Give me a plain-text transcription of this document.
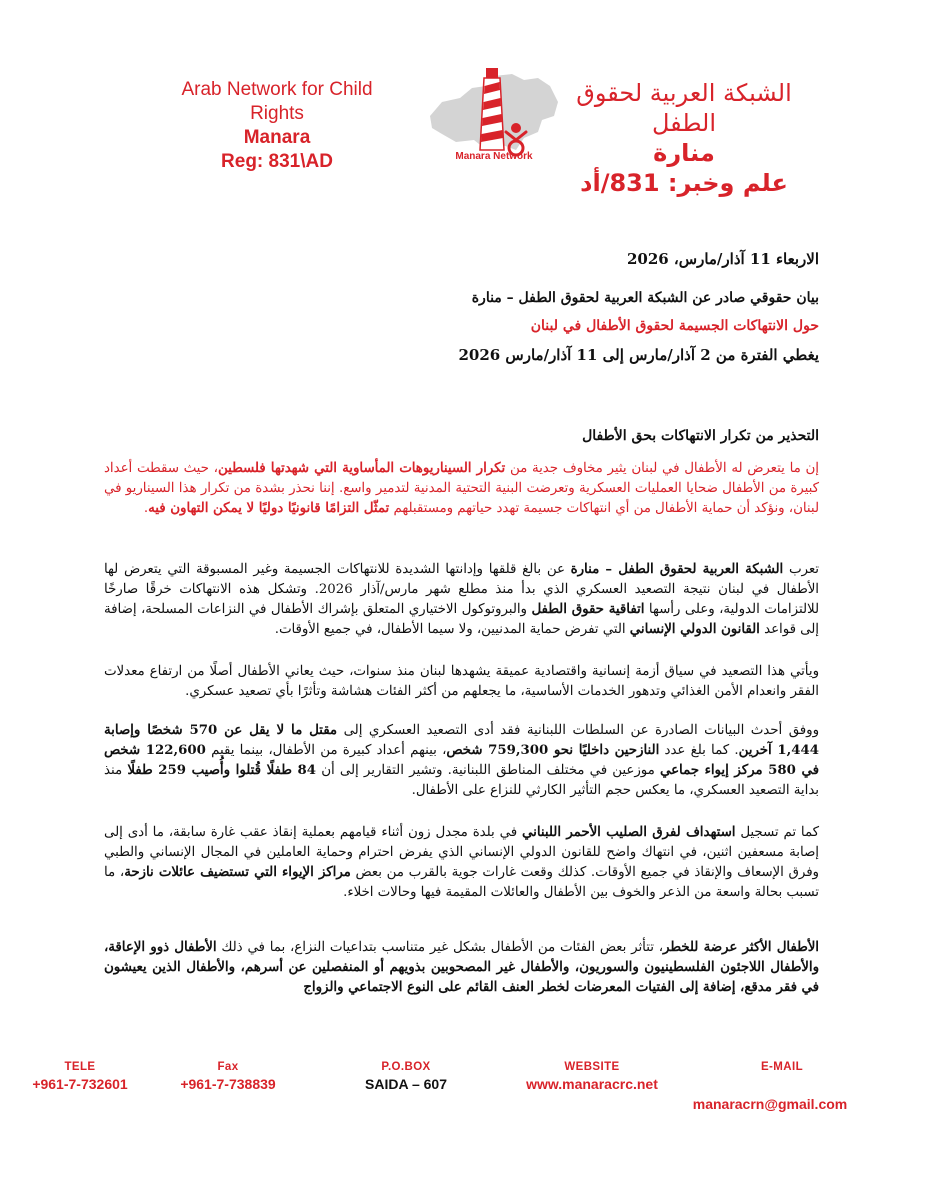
Arab Network for Child
Rights
Manara
Reg: 831\AD	Manara Network
الشبكة العربية لحقوق
الطفل
منارة
علم وخبر: 831/أد
الاربعاء 11 آذار/مارس، 2026
بيان حقوقي صادر عن الشبكة العربية لحقوق الطفل – منارة
حول الانتهاكات الجسيمة لحقوق الأطفال في لبنان
يغطي الفترة من 2 آذار/مارس إلى 11 آذار/مارس 2026
التحذير من تكرار الانتهاكات بحق الأطفال

إن ما يتعرض له الأطفال في لبنان يثير مخاوف جدية من تكرار السيناريوهات المأساوية التي شهدتها فلسطين، حيث سقطت أعداد كبيرة من الأطفال ضحايا العمليات العسكرية وتعرضت البنية التحتية المدنية لتدمير واسع. إننا نحذر بشدة من تكرار هذا السيناريو في لبنان، ونؤكد أن حماية الأطفال من أي انتهاكات جسيمة تهدد حياتهم ومستقبلهم تمثّل التزامًا قانونيًا دوليًا لا يمكن التهاون فيه.

تعرب الشبكة العربية لحقوق الطفل – منارة عن بالغ قلقها وإدانتها الشديدة للانتهاكات الجسيمة وغير المسبوقة التي يتعرض لها الأطفال في لبنان نتيجة التصعيد العسكري الذي بدأ منذ مطلع شهر مارس/آذار 2026. وتشكل هذه الانتهاكات خرقًا صارخًا للالتزامات الدولية، وعلى رأسها اتفاقية حقوق الطفل والبروتوكول الاختياري المتعلق بإشراك الأطفال في النزاعات المسلحة، إضافة إلى قواعد القانون الدولي الإنساني التي تفرض حماية المدنيين، ولا سيما الأطفال، في جميع الأوقات.

ويأتي هذا التصعيد في سياق أزمة إنسانية واقتصادية عميقة يشهدها لبنان منذ سنوات، حيث يعاني الأطفال أصلًا من ارتفاع معدلات الفقر وانعدام الأمن الغذائي وتدهور الخدمات الأساسية، ما يجعلهم من أكثر الفئات هشاشة وتأثرًا بأي تصعيد عسكري.

ووفق أحدث البيانات الصادرة عن السلطات اللبنانية فقد أدى التصعيد العسكري إلى مقتل ما لا يقل عن 570 شخصًا وإصابة 1,444 آخرين. كما بلغ عدد النازحين داخليًا نحو 759,300 شخص، بينهم أعداد كبيرة من الأطفال، بينما يقيم 122,600 شخص في 580 مركز إيواء جماعي موزعين في مختلف المناطق اللبنانية. وتشير التقارير إلى أن 84 طفلًا قُتلوا وأُصيب 259 طفلًا منذ بداية التصعيد العسكري، ما يعكس حجم التأثير الكارثي للنزاع على الأطفال.

كما تم تسجيل استهداف لفرق الصليب الأحمر اللبناني في بلدة مجدل زون أثناء قيامهم بعملية إنقاذ عقب غارة سابقة، ما أدى إلى إصابة مسعفين اثنين، في انتهاك واضح للقانون الدولي الإنساني الذي يفرض احترام وحماية العاملين في المجال الإنساني والطبي وفرق الإسعاف والإنقاذ في جميع الأوقات. كذلك وقعت غارات جوية بالقرب من بعض مراكز الإيواء التي تستضيف عائلات نازحة، ما تسبب بحالة واسعة من الذعر والخوف بين الأطفال والعائلات المقيمة فيها وحالات اخلاء.

الأطفال الأكثر عرضة للخطر، تتأثر بعض الفئات من الأطفال بشكل غير متناسب بتداعيات النزاع، بما في ذلك الأطفال ذوو الإعاقة، والأطفال اللاجئون الفلسطينيون والسوريون، والأطفال غير المصحوبين بذويهم أو المنفصلين عن أسرهم، والأطفال الذين يعيشون في فقر مدقع، إضافة إلى الفتيات المعرضات لخطر العنف القائم على النوع الاجتماعي والزواج

TELE
+961-7-732601
Fax
+961-7-738839
P.O.BOX
SAIDA – 607
WEBSITE
www.manaracrc.net
E-MAIL
manaracrn@gmail.com
